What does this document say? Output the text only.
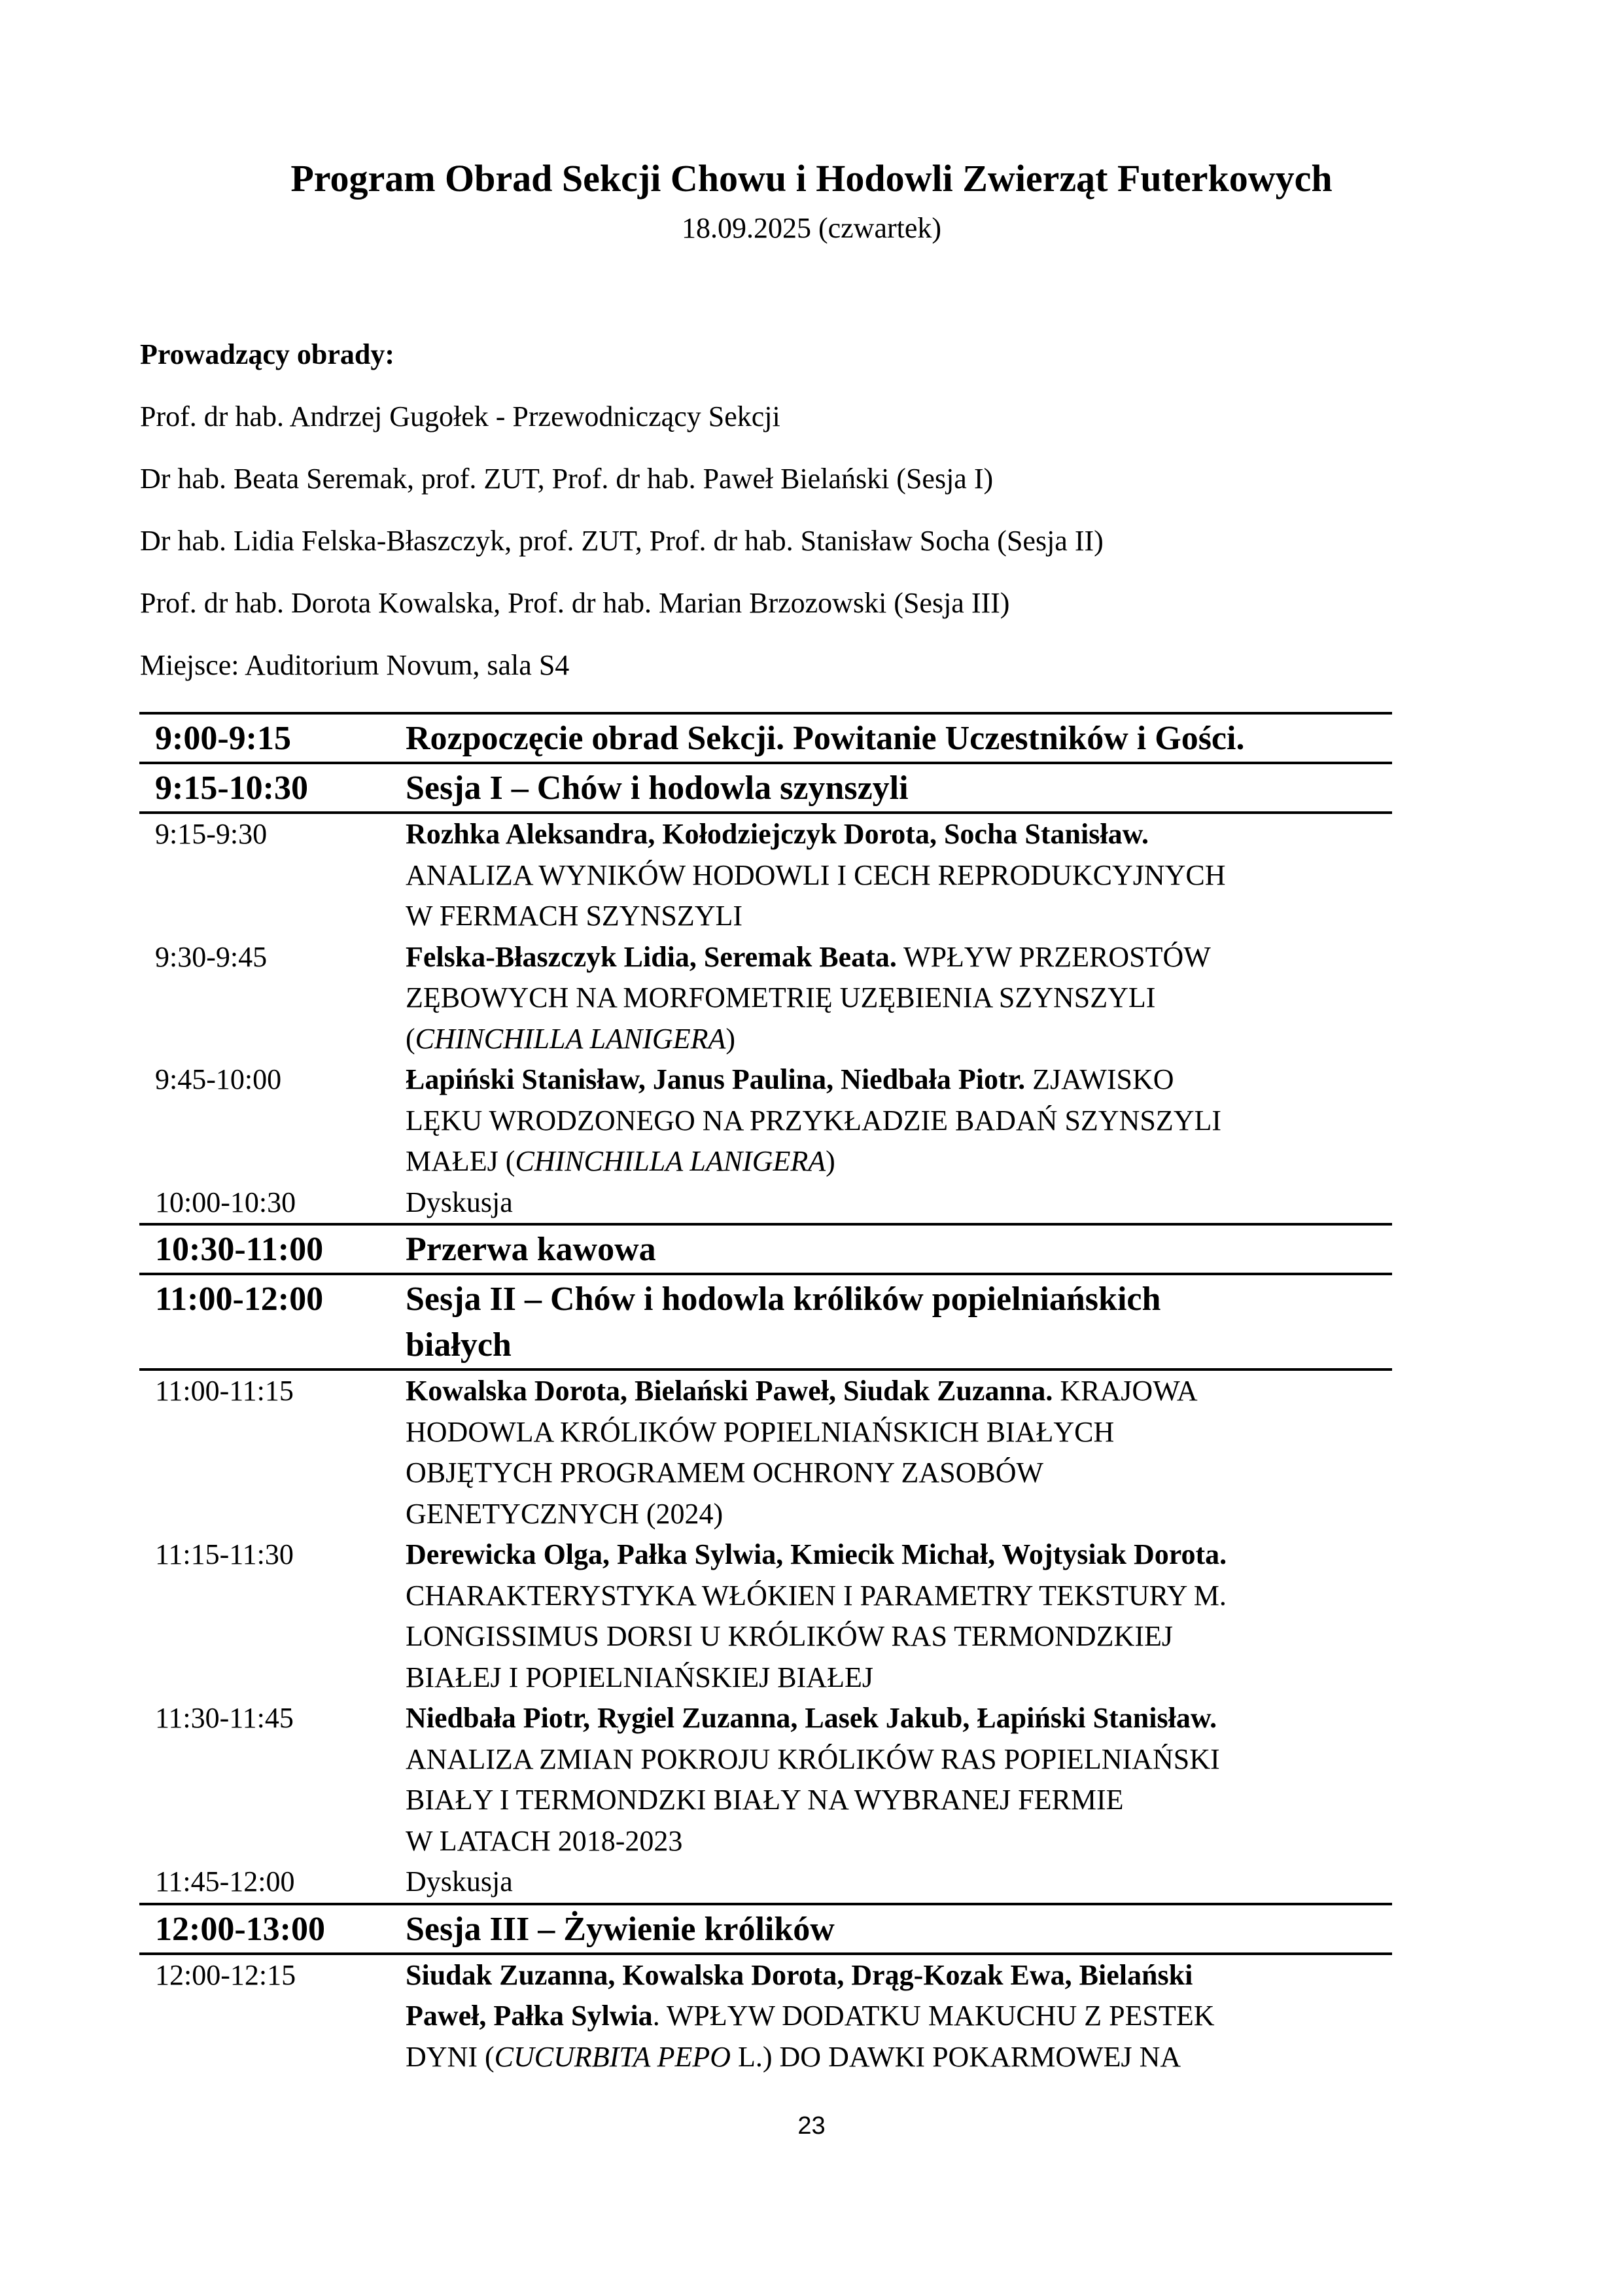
Program Obrad Sekcji Chowu i Hodowli Zwierząt Futerkowych
18.09.2025 (czwartek)
Prowadzący obrady:
Prof. dr hab. Andrzej Gugołek - Przewodniczący Sekcji
Dr hab. Beata Seremak, prof. ZUT, Prof. dr hab. Paweł Bielański (Sesja I)
Dr hab. Lidia Felska-Błaszczyk, prof. ZUT, Prof. dr hab. Stanisław Socha (Sesja II)
Prof. dr hab. Dorota Kowalska, Prof. dr hab. Marian Brzozowski (Sesja III)
Miejsce: Auditorium Novum, sala S4
9:00-9:15	Rozpoczęcie obrad Sekcji. Powitanie Uczestników i Gości.
9:15-10:30	Sesja I – Chów i hodowla szynszyli
9:15-9:30	Rozhka Aleksandra, Kołodziejczyk Dorota, Socha Stanisław.
ANALIZA WYNIKÓW HODOWLI I CECH REPRODUKCYJNYCH
W FERMACH SZYNSZYLI
9:30-9:45	Felska-Błaszczyk Lidia, Seremak Beata. WPŁYW PRZEROSTÓW
ZĘBOWYCH NA MORFOMETRIĘ UZĘBIENIA SZYNSZYLI
(CHINCHILLA LANIGERA)
9:45-10:00	Łapiński Stanisław, Janus Paulina, Niedbała Piotr. ZJAWISKO
LĘKU WRODZONEGO NA PRZYKŁADZIE BADAŃ SZYNSZYLI
MAŁEJ (CHINCHILLA LANIGERA)
10:00-10:30	Dyskusja
10:30-11:00	Przerwa kawowa
11:00-12:00	Sesja II – Chów i hodowla królików popielniańskich
białych
11:00-11:15	Kowalska Dorota, Bielański Paweł, Siudak Zuzanna. KRAJOWA
HODOWLA KRÓLIKÓW POPIELNIAŃSKICH BIAŁYCH
OBJĘTYCH PROGRAMEM OCHRONY ZASOBÓW
GENETYCZNYCH (2024)
11:15-11:30	Derewicka Olga, Pałka Sylwia, Kmiecik Michał, Wojtysiak Dorota.
CHARAKTERYSTYKA WŁÓKIEN I PARAMETRY TEKSTURY M.
LONGISSIMUS DORSI U KRÓLIKÓW RAS TERMONDZKIEJ
BIAŁEJ I POPIELNIAŃSKIEJ BIAŁEJ
11:30-11:45	Niedbała Piotr, Rygiel Zuzanna, Lasek Jakub, Łapiński Stanisław.
ANALIZA ZMIAN POKROJU KRÓLIKÓW RAS POPIELNIAŃSKI
BIAŁY I TERMONDZKI BIAŁY NA WYBRANEJ FERMIE
W LATACH 2018-2023
11:45-12:00	Dyskusja
12:00-13:00	Sesja III – Żywienie królików
12:00-12:15	Siudak Zuzanna, Kowalska Dorota, Drąg-Kozak Ewa, Bielański
Paweł, Pałka Sylwia. WPŁYW DODATKU MAKUCHU Z PESTEK
DYNI (CUCURBITA PEPO L.) DO DAWKI POKARMOWEJ NA
23
